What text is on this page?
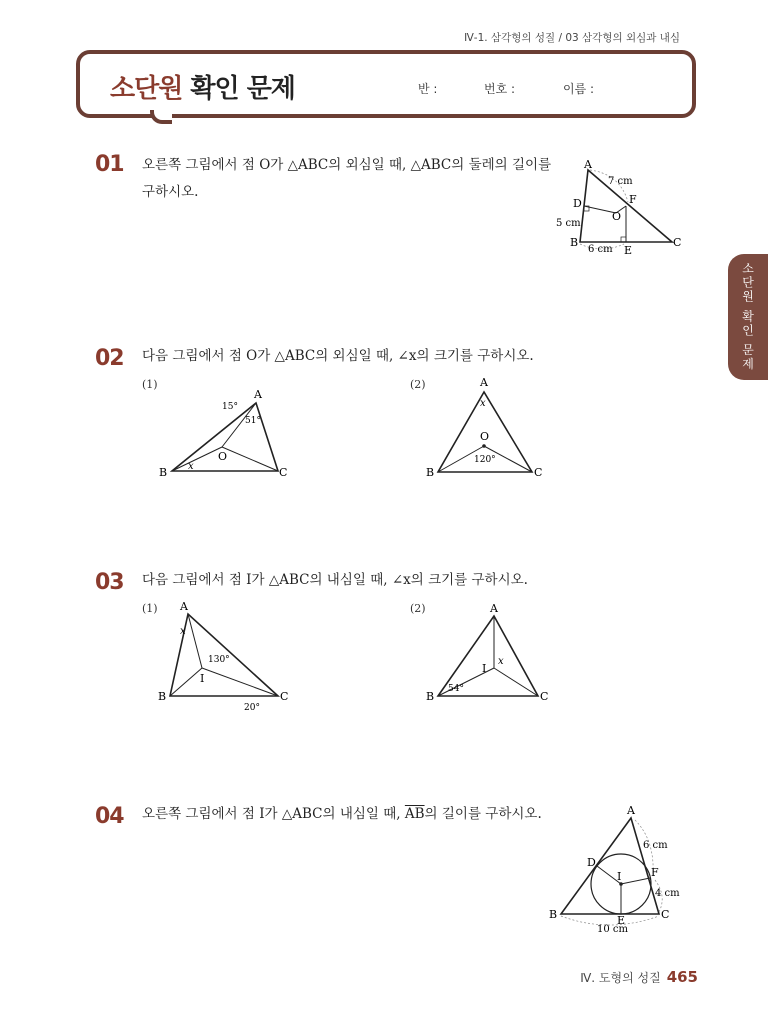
Ⅳ-1. 삼각형의 성질 / 03 삼각형의 외심과 내심
소단원 확인 문제	반 :	번호 :	이름 :
소단원 확인 문제
01 오른쪽 그림에서 점 O가 △ABC의 외심일 때, △ABC의 둘레의 길이를
구하시오.
A
B	C
D
E
F
O
7 cm
5 cm
6 cm
02 다음 그림에서 점 O가 △ABC의 외심일 때, ∠x의 크기를 구하시오.
(1)	(2)
A
B	C
O
15°
51°
x
A
B	C
O
x
120°
03 다음 그림에서 점 I가 △ABC의 내심일 때, ∠x의 크기를 구하시오.
(1)	(2)
A
B	C
I
130°
20°
x
A
B	C
I
x
54°
04 오른쪽 그림에서 점 I가 △ABC의 내심일 때, $\overline{AB}$의 길이를 구하시오.	A
B	C
D
E
F
I
6 cm
4 cm
10 cm
Ⅳ. 도형의 성질 465
